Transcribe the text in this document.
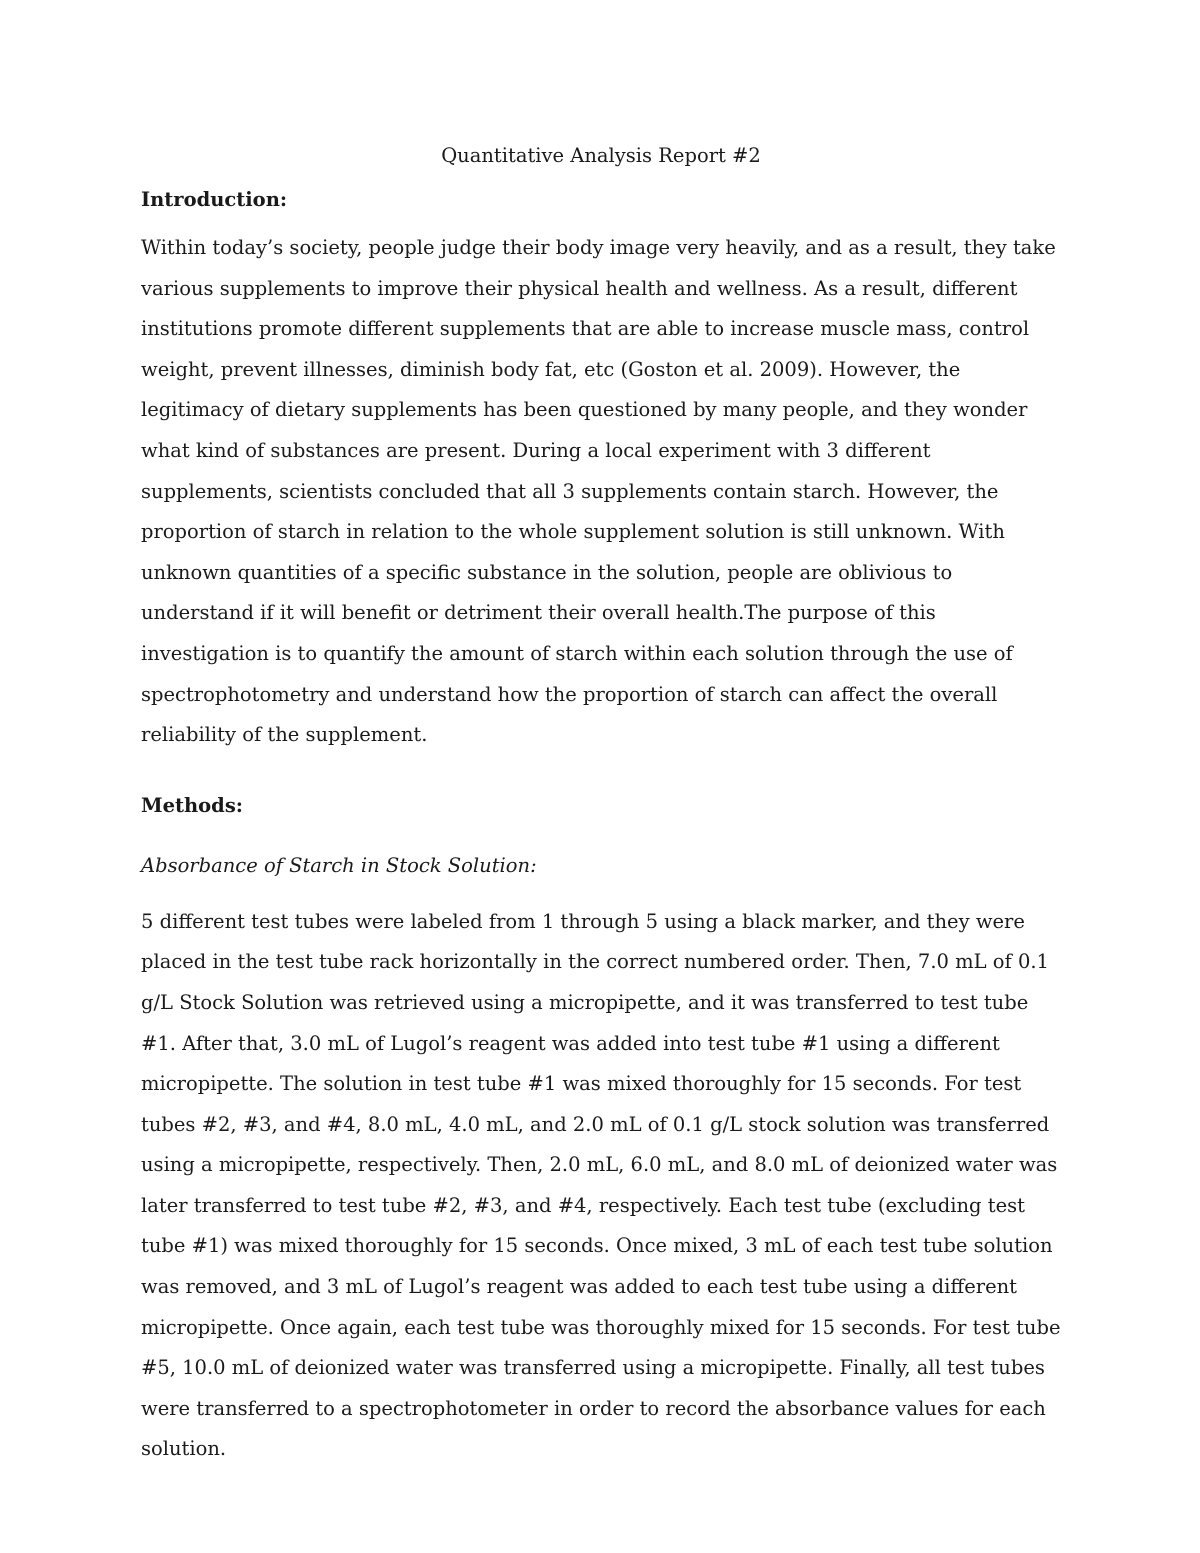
Quantitative Analysis Report #2

Introduction:

Within today’s society, people judge their body image very heavily, and as a result, they take various supplements to improve their physical health and wellness. As a result, different institutions promote different supplements that are able to increase muscle mass, control weight, prevent illnesses, diminish body fat, etc (Goston et al. 2009). However, the legitimacy of dietary supplements has been questioned by many people, and they wonder what kind of substances are present. During a local experiment with 3 different supplements, scientists concluded that all 3 supplements contain starch. However, the proportion of starch in relation to the whole supplement solution is still unknown. With unknown quantities of a specific substance in the solution, people are oblivious to understand if it will benefit or detriment their overall health.The purpose of this investigation is to quantify the amount of starch within each solution through the use of spectrophotometry and understand how the proportion of starch can affect the overall reliability of the supplement.

Methods:

Absorbance of Starch in Stock Solution:

5 different test tubes were labeled from 1 through 5 using a black marker, and they were placed in the test tube rack horizontally in the correct numbered order. Then, 7.0 mL of 0.1 g/L Stock Solution was retrieved using a micropipette, and it was transferred to test tube #1. After that, 3.0 mL of Lugol’s reagent was added into test tube #1 using a different micropipette. The solution in test tube #1 was mixed thoroughly for 15 seconds. For test tubes #2, #3, and #4, 8.0 mL, 4.0 mL, and 2.0 mL of 0.1 g/L stock solution was transferred using a micropipette, respectively. Then, 2.0 mL, 6.0 mL, and 8.0 mL of deionized water was later transferred to test tube #2, #3, and #4, respectively. Each test tube (excluding test tube #1) was mixed thoroughly for 15 seconds. Once mixed, 3 mL of each test tube solution was removed, and 3 mL of Lugol’s reagent was added to each test tube using a different micropipette. Once again, each test tube was thoroughly mixed for 15 seconds. For test tube #5, 10.0 mL of deionized water was transferred using a micropipette. Finally, all test tubes were transferred to a spectrophotometer in order to record the absorbance values for each solution.
